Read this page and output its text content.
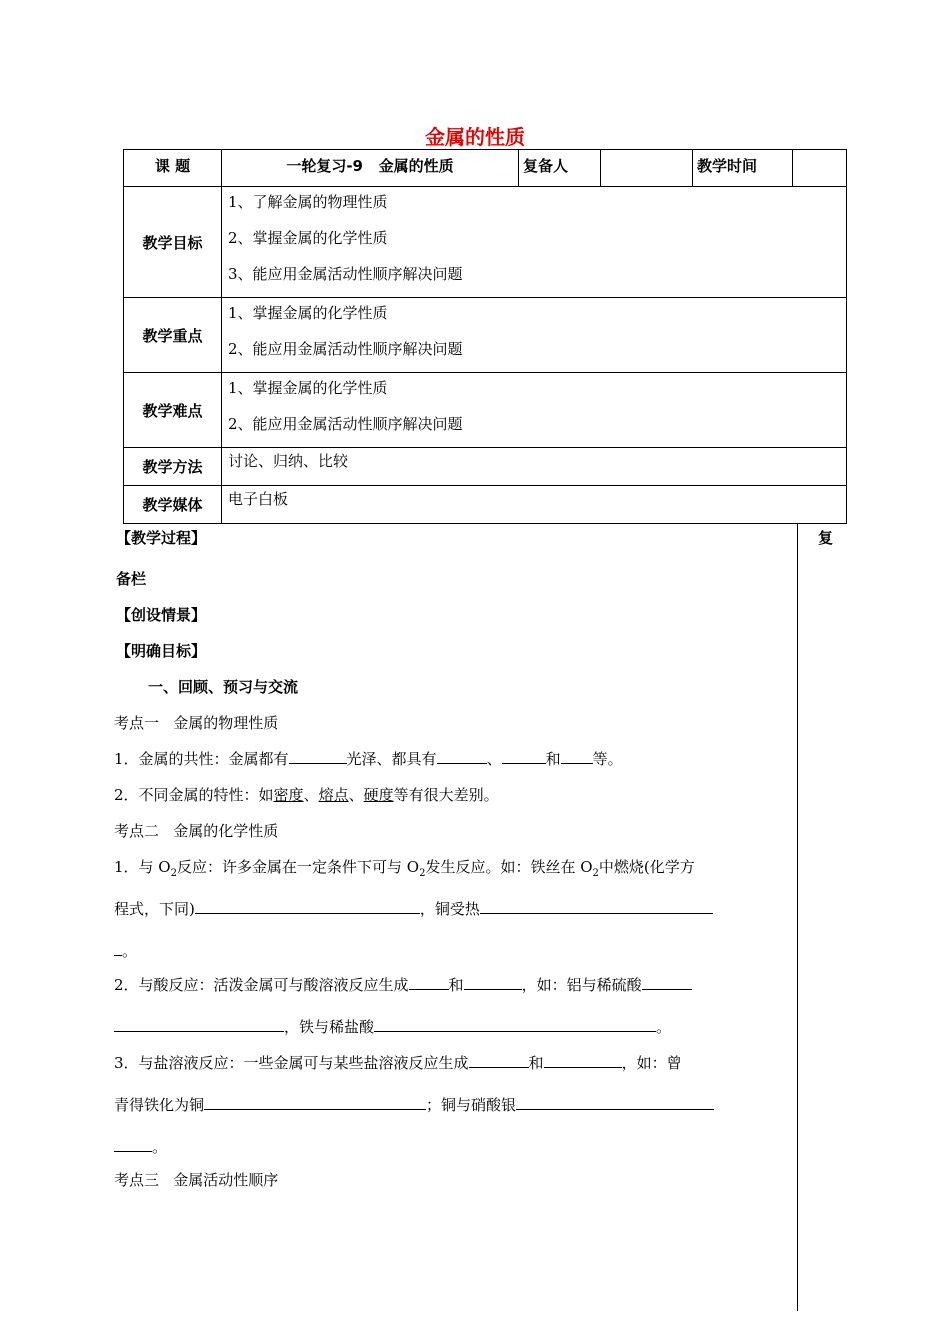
金属的性质
课 题	一轮复习-9   金属的性质	复备人		教学时间	
教学目标	1、了解金属的物理性质
2、掌握金属的化学性质
3、能应用金属活动性顺序解决问题				

教学重点	1、掌握金属的化学性质
2、能应用金属活动性顺序解决问题				

教学难点	1、掌握金属的化学性质
2、能应用金属活动性顺序解决问题				

教学方法	讨论、归纳、比较				
教学媒体	电子白板				
复
【教学过程】
备栏
【创设情景】
【明确目标】
一、回顾、预习与交流
考点一   金属的物理性质
1．金属的共性：金属都有	光泽、都具有	、	和 等。
2．不同金属的特性：如密度、熔点、硬度等有很大差别。
考点二   金属的化学性质
1．与 $O_2$反应：许多金属在一定条件下可与 $O_2$发生反应。如：铁丝在 $O_2$中燃烧(化学方
程式，下同)	，铜受热
。
2．与酸反应：活泼金属可与酸溶液反应生成	和	，如：铝与稀硫酸
，铁与稀盐酸	。
3．与盐溶液反应：一些金属可与某些盐溶液反应生成	和	，如：曾
青得铁化为铜	；铜与硝酸银
。
考点三   金属活动性顺序
